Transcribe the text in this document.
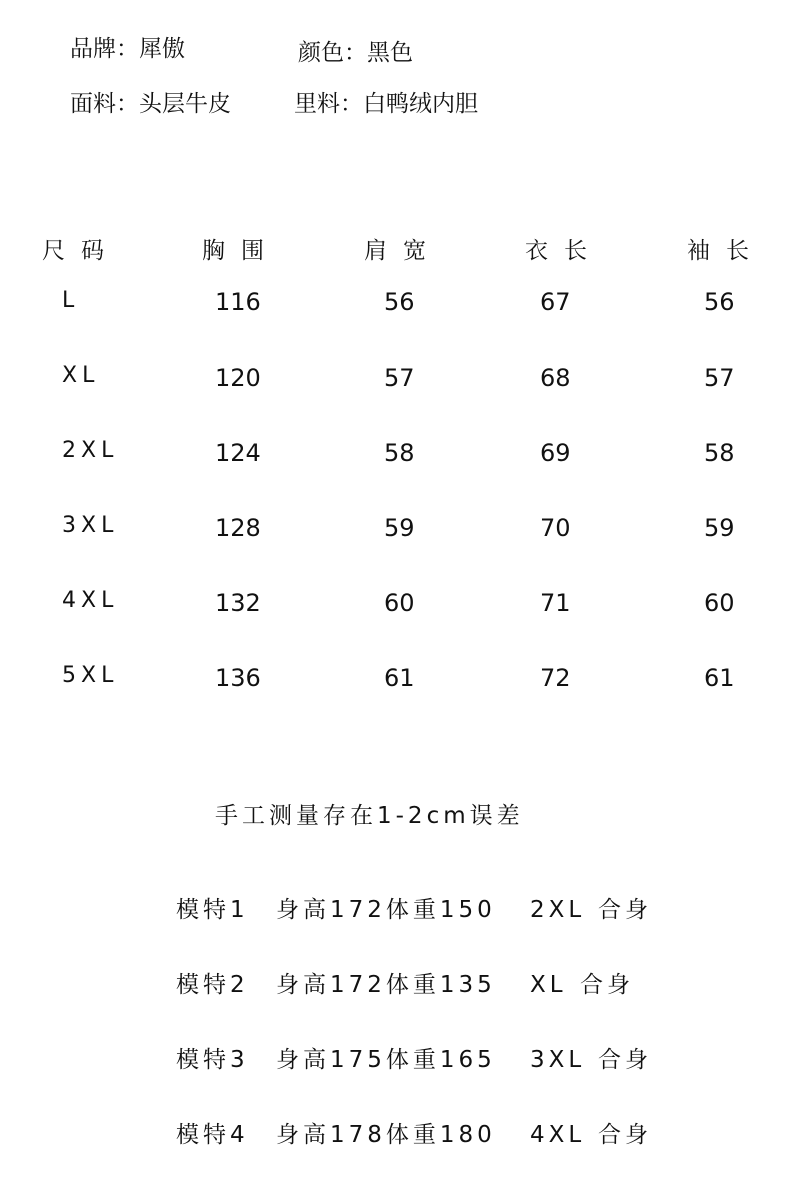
品牌：犀傲	颜色：黑色
面料：头层牛皮	里料：白鸭绒内胆
尺码	胸围	肩宽	衣长	袖长
L	116	56	67	56
XL	120	57	68	57
2XL	124	58	69	58
3XL	128	59	70	59
4XL	132	60	71	60
5XL	136	61	72	61
手工测量存在1-2cm误差
模特1 身高172体重150 2XL 合身
模特2 身高172体重135 XL 合身
模特3 身高175体重165 3XL 合身
模特4 身高178体重180 4XL 合身
